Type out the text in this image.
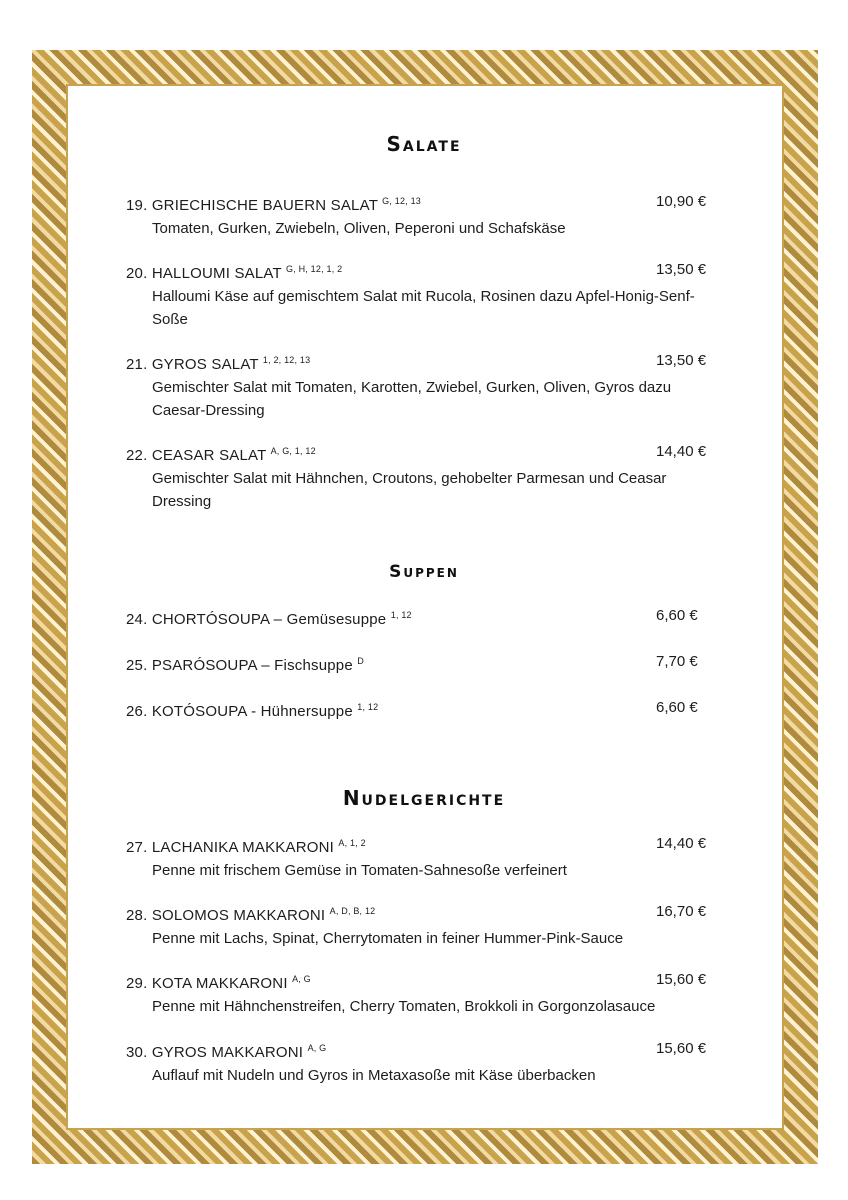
Salate
19. GRIECHISCHE BAUERN SALAT $^{G, 12, 13}$	10,90 €
Tomaten, Gurken, Zwiebeln, Oliven, Peperoni und Schafskäse
20. HALLOUMI SALAT $^{G, H, 12, 1, 2}$	13,50 €
Halloumi Käse auf gemischtem Salat mit Rucola, Rosinen dazu Apfel-Honig-Senf-Soße
21. GYROS SALAT $^{1, 2, 12, 13}$	13,50 €
Gemischter Salat mit Tomaten, Karotten, Zwiebel, Gurken, Oliven, Gyros dazu Caesar-Dressing
22. CEASAR SALAT $^{A, G, 1, 12}$	14,40 €
Gemischter Salat mit Hähnchen, Croutons, gehobelter Parmesan und Ceasar Dressing
Suppen
24. CHORTÓSOUPA – Gemüsesuppe $^{1, 12}$	6,60 €
25. PSARÓSOUPA – Fischsuppe $^D$	7,70 €
26. KOTÓSOUPA - Hühnersuppe $^{1, 12}$	6,60 €
Nudelgerichte
27. LACHANIKA MAKKARONI $^{A, 1, 2}$	14,40 €
Penne mit frischem Gemüse in Tomaten-Sahnesoße verfeinert
28. SOLOMOS MAKKARONI $^{A, D, B, 12}$	16,70 €
Penne mit Lachs, Spinat, Cherrytomaten in feiner Hummer-Pink-Sauce
29. KOTA MAKKARONI $^{A, G}$	15,60 €
Penne mit Hähnchenstreifen, Cherry Tomaten, Brokkoli in Gorgonzolasauce
30. GYROS MAKKARONI $^{A, G}$	15,60 €
Auflauf mit Nudeln und Gyros in Metaxasoße mit Käse überbacken
